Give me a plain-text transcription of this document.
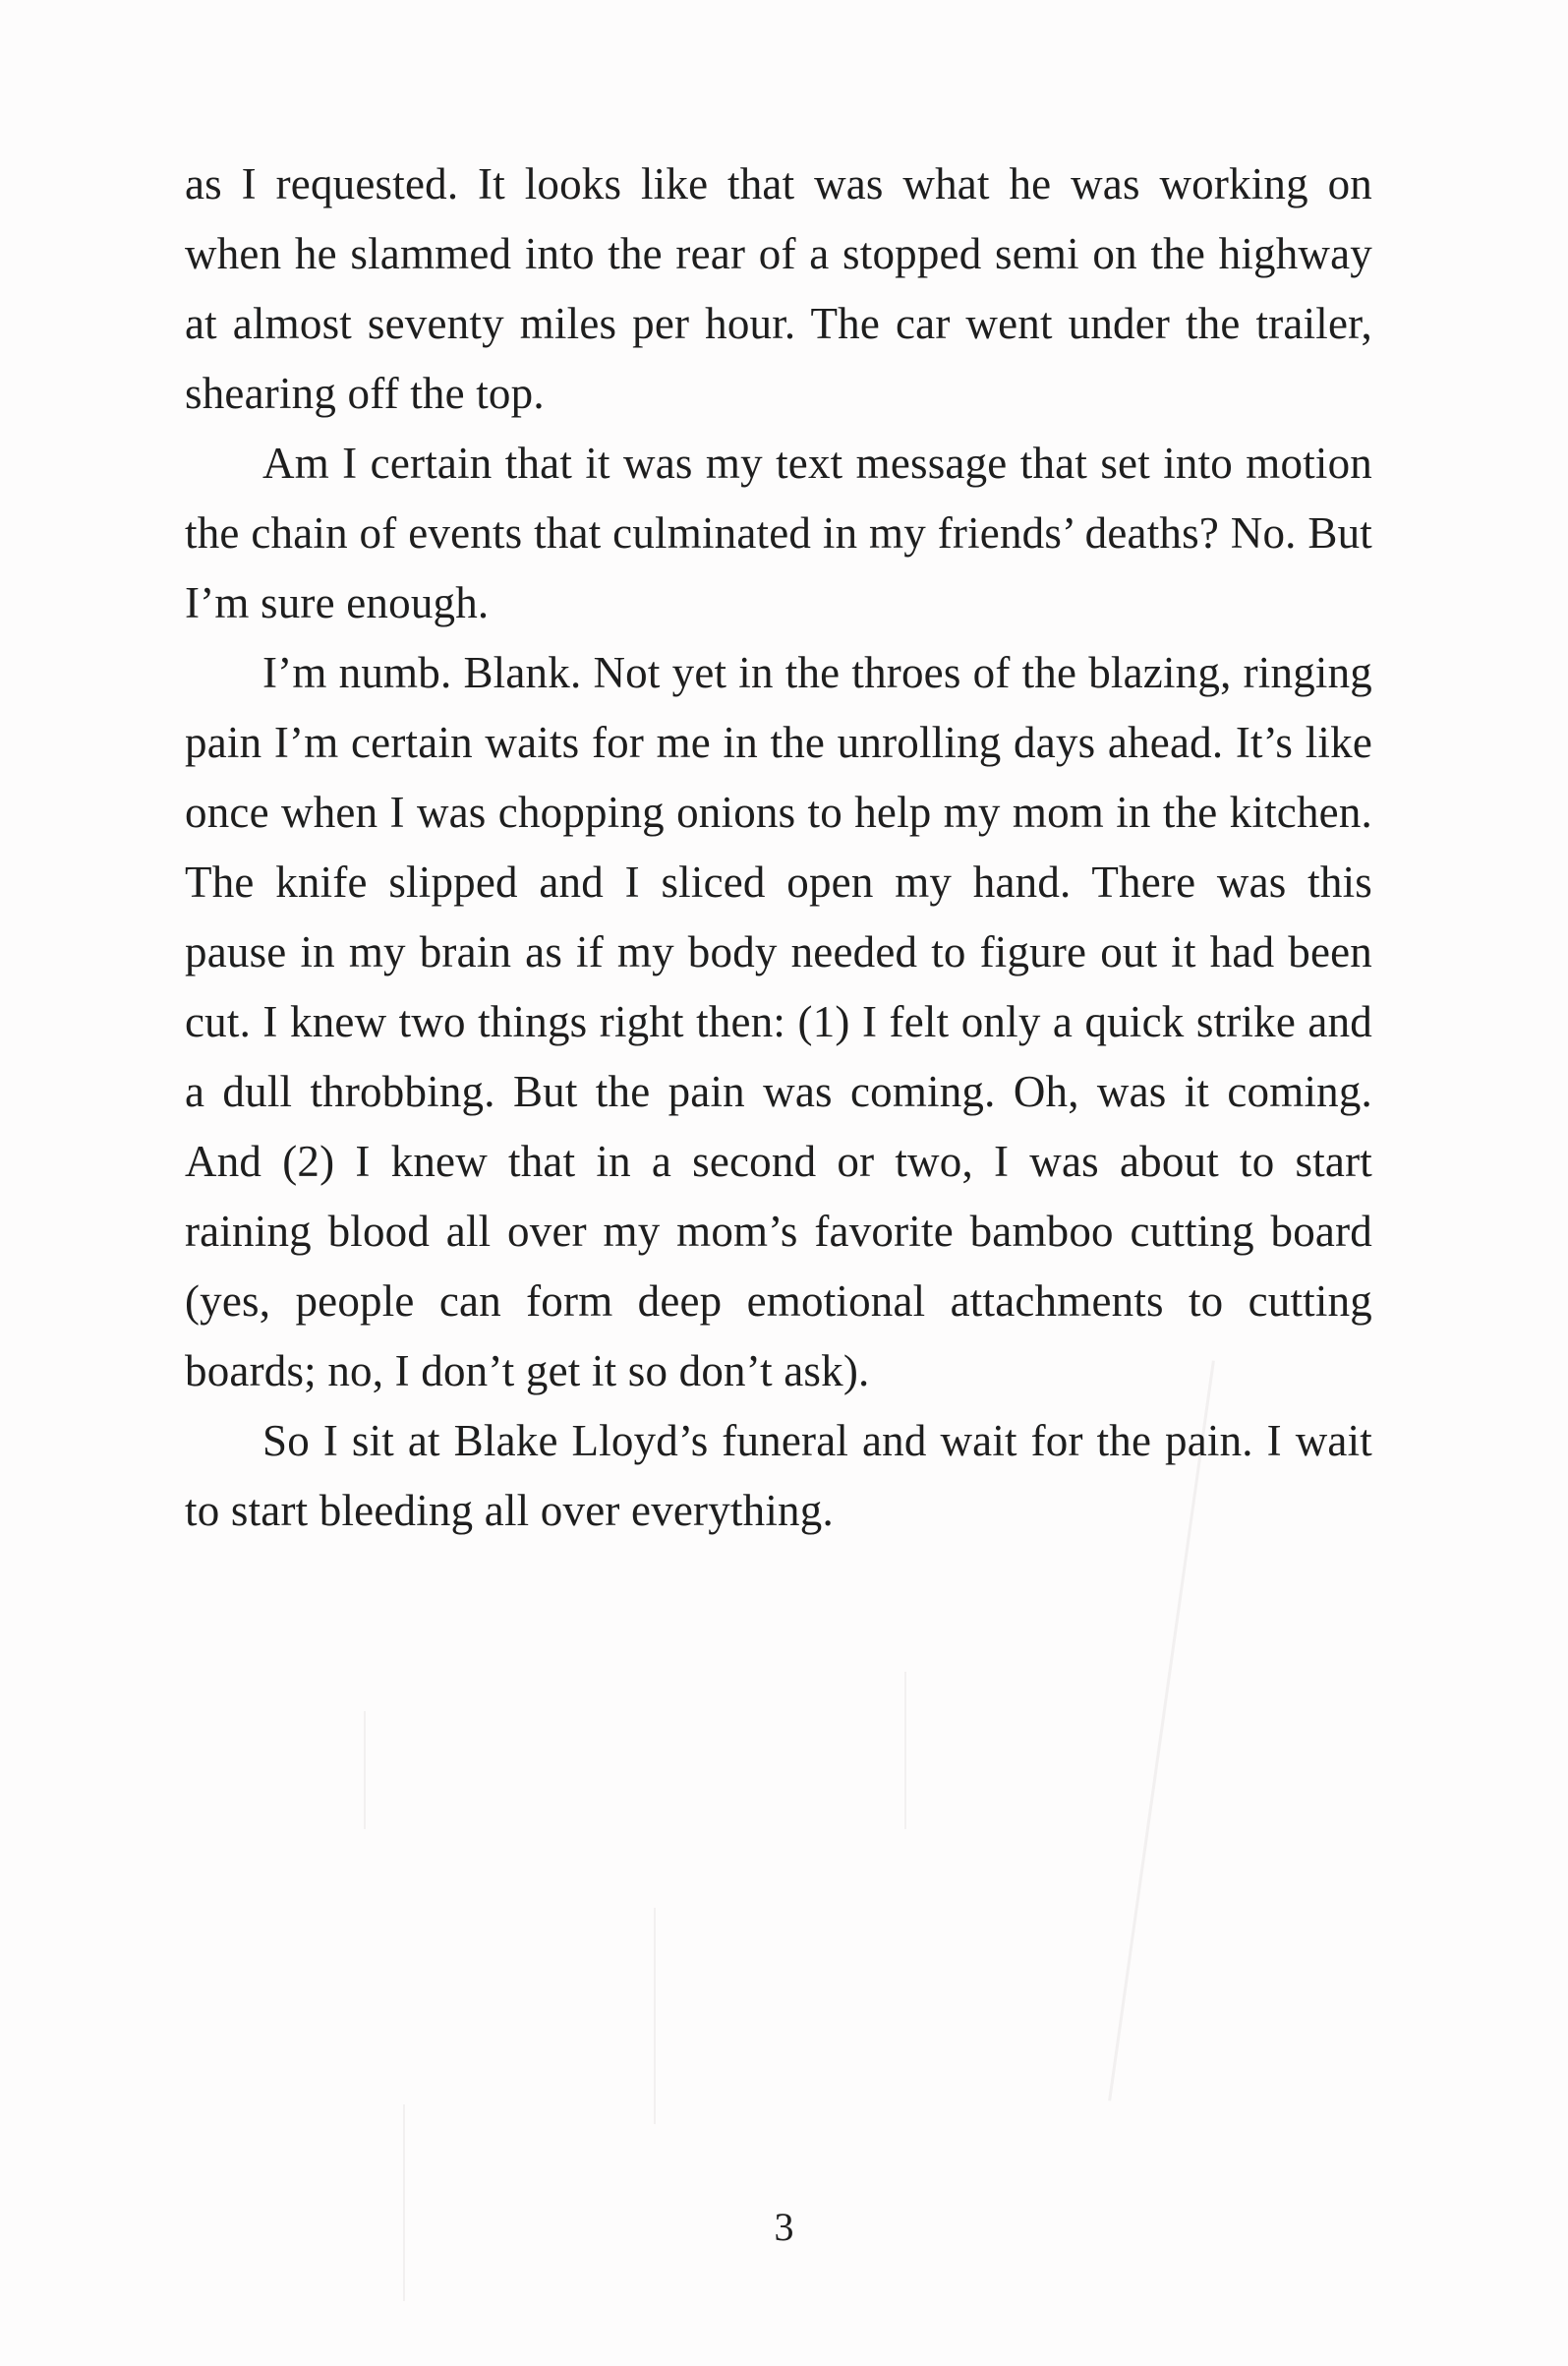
as I requested. It looks like that was what he was working on when he slammed into the rear of a stopped semi on the highway at almost seventy miles per hour. The car went under the trailer, shearing off the top.

Am I certain that it was my text message that set into motion the chain of events that culminated in my friends’ deaths? No. But I’m sure enough.

I’m numb. Blank. Not yet in the throes of the blazing, ringing pain I’m certain waits for me in the unrolling days ahead. It’s like once when I was chopping onions to help my mom in the kitchen. The knife slipped and I sliced open my hand. There was this pause in my brain as if my body needed to figure out it had been cut. I knew two things right then: (1) I felt only a quick strike and a dull throbbing. But the pain was coming. Oh, was it coming. And (2) I knew that in a second or two, I was about to start raining blood all over my mom’s favorite bamboo cutting board (yes, people can form deep emotional attachments to cutting boards; no, I don’t get it so don’t ask).

So I sit at Blake Lloyd’s funeral and wait for the pain. I wait to start bleeding all over everything.

3
